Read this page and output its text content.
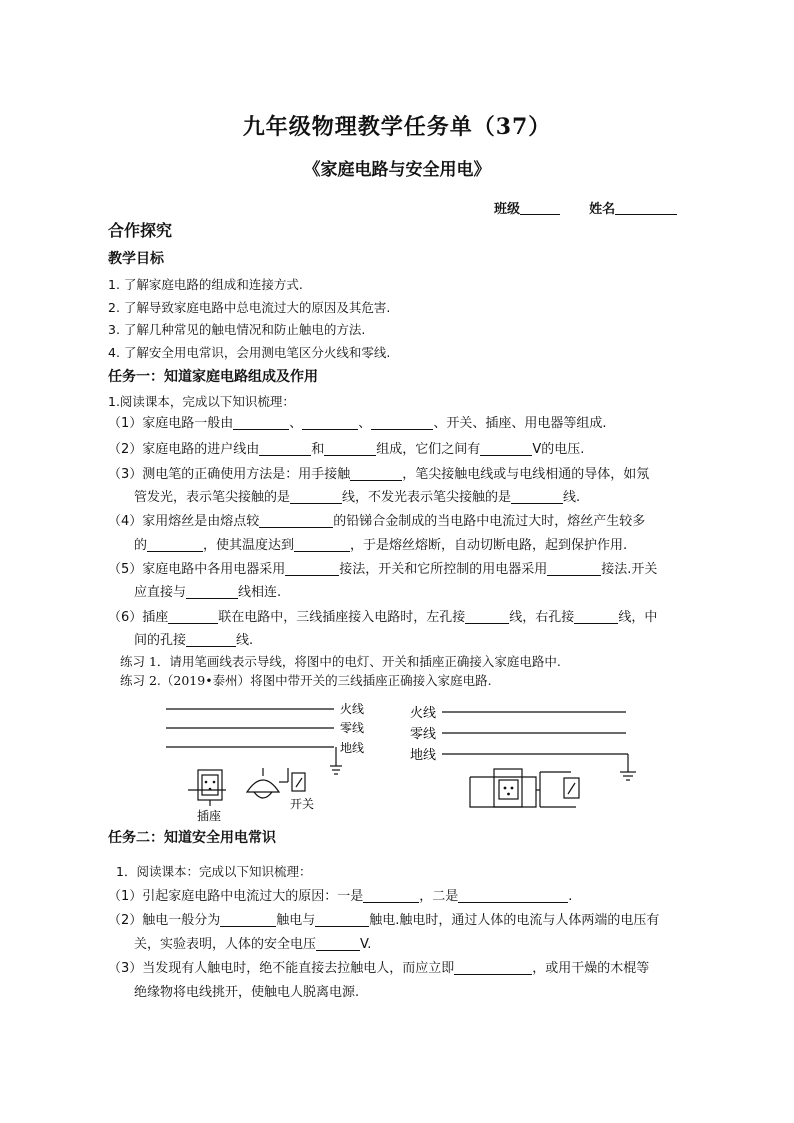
九年级物理教学任务单（37）
《家庭电路与安全用电》
班级	姓名
合作探究
教学目标
1. 了解家庭电路的组成和连接方式.
2. 了解导致家庭电路中总电流过大的原因及其危害.
3. 了解几种常见的触电情况和防止触电的方法.
4. 了解安全用电常识，会用测电笔区分火线和零线.
任务一：知道家庭电路组成及作用
1.阅读课本，完成以下知识梳理：
（1）家庭电路一般由	、	、	、开关、插座、用电器等组成.
（2）家庭电路的进户线由	和	组成，它们之间有	V的电压.
（3）测电笔的正确使用方法是：用手接触	，笔尖接触电线或与电线相通的导体，如氖
管发光，表示笔尖接触的是	线，不发光表示笔尖接触的是	线.
（4）家用熔丝是由熔点较	的铅锑合金制成的当电路中电流过大时，熔丝产生较多
的	，使其温度达到	，于是熔丝熔断，自动切断电路，起到保护作用.
（5）家庭电路中各用电器采用	接法，开关和它所控制的用电器采用	接法.开关
应直接与	线相连.
（6）插座	联在电路中，三线插座接入电路时，左孔接	线，右孔接	线，中
间的孔接	线.
练习 1．请用笔画线表示导线，将图中的电灯、开关和插座正确接入家庭电路中.
练习 2.（2019•泰州）将图中带开关的三线插座正确接入家庭电路.
火线
零线
地线
插座
开关
火线
零线
地线
任务二：知道安全用电常识
1．阅读课本：完成以下知识梳理：
（1）引起家庭电路中电流过大的原因：一是	，二是	.
（2）触电一般分为	触电与	触电.触电时，通过人体的电流与人体两端的电压有
关，实验表明，人体的安全电压	V.
（3）当发现有人触电时，绝不能直接去拉触电人，而应立即	，或用干燥的木棍等
绝缘物将电线挑开，使触电人脱离电源.
